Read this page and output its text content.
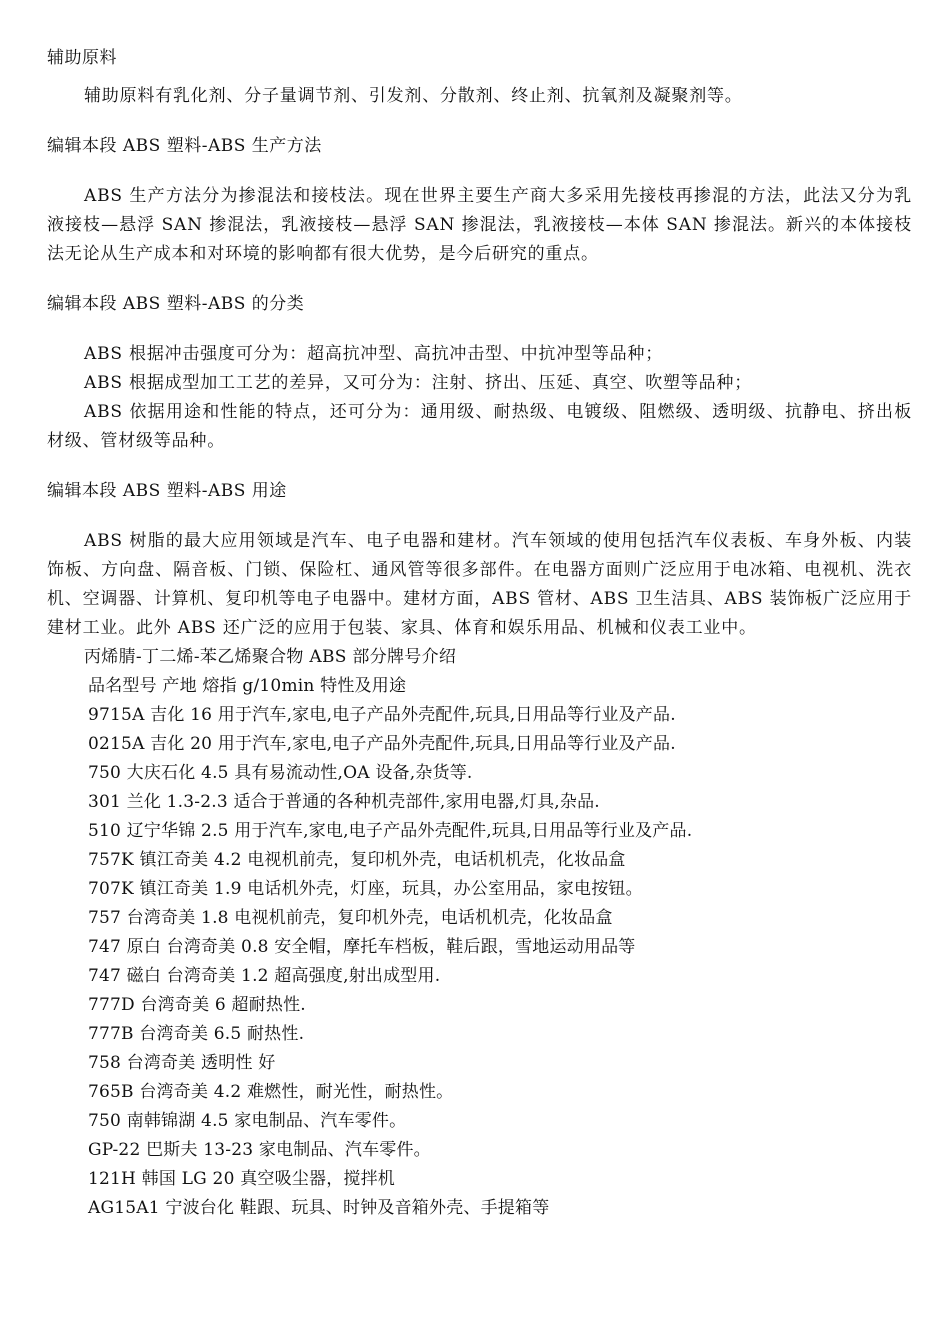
辅助原料

辅助原料有乳化剂、分子量调节剂、引发剂、分散剂、终止剂、抗氧剂及凝聚剂等。

编辑本段 ABS 塑料-ABS 生产方法

ABS 生产方法分为掺混法和接枝法。现在世界主要生产商大多采用先接枝再掺混的方法，此法又分为乳液接枝—悬浮 SAN 掺混法，乳液接枝—悬浮 SAN 掺混法，乳液接枝—本体 SAN 掺混法。新兴的本体接枝法无论从生产成本和对环境的影响都有很大优势，是今后研究的重点。

编辑本段 ABS 塑料-ABS 的分类

ABS 根据冲击强度可分为：超高抗冲型、高抗冲击型、中抗冲型等品种；

ABS 根据成型加工工艺的差异，又可分为：注射、挤出、压延、真空、吹塑等品种；

ABS 依据用途和性能的特点，还可分为：通用级、耐热级、电镀级、阻燃级、透明级、抗静电、挤出板材级、管材级等品种。

编辑本段 ABS 塑料-ABS 用途

ABS 树脂的最大应用领域是汽车、电子电器和建材。汽车领域的使用包括汽车仪表板、车身外板、内装饰板、方向盘、隔音板、门锁、保险杠、通风管等很多部件。在电器方面则广泛应用于电冰箱、电视机、洗衣机、空调器、计算机、复印机等电子电器中。建材方面，ABS 管材、ABS 卫生洁具、ABS 装饰板广泛应用于建材工业。此外 ABS 还广泛的应用于包装、家具、体育和娱乐用品、机械和仪表工业中。

丙烯腈-丁二烯-苯乙烯聚合物 ABS 部分牌号介绍

品名型号 产地 熔指 g/10min 特性及用途

9715A 吉化 16 用于汽车,家电,电子产品外壳配件,玩具,日用品等行业及产品.

0215A 吉化 20 用于汽车,家电,电子产品外壳配件,玩具,日用品等行业及产品.

750 大庆石化 4.5 具有易流动性,OA 设备,杂货等.

301 兰化 1.3-2.3 适合于普通的各种机壳部件,家用电器,灯具,杂品.

510 辽宁华锦 2.5 用于汽车,家电,电子产品外壳配件,玩具,日用品等行业及产品.

757K 镇江奇美 4.2 电视机前壳，复印机外壳，电话机机壳，化妆品盒

707K 镇江奇美 1.9 电话机外壳，灯座，玩具，办公室用品，家电按钮。

757 台湾奇美 1.8 电视机前壳，复印机外壳，电话机机壳，化妆品盒

747 原白 台湾奇美 0.8 安全帽，摩托车档板，鞋后跟，雪地运动用品等

747 磁白 台湾奇美 1.2 超高强度,射出成型用.

777D 台湾奇美 6 超耐热性.

777B 台湾奇美 6.5 耐热性.

758 台湾奇美 透明性 好

765B 台湾奇美 4.2 难燃性，耐光性，耐热性。

750 南韩锦湖 4.5 家电制品、汽车零件。

GP-22 巴斯夫 13-23 家电制品、汽车零件。

121H 韩国 LG 20 真空吸尘器，搅拌机

AG15A1 宁波台化 鞋跟、玩具、时钟及音箱外壳、手提箱等
